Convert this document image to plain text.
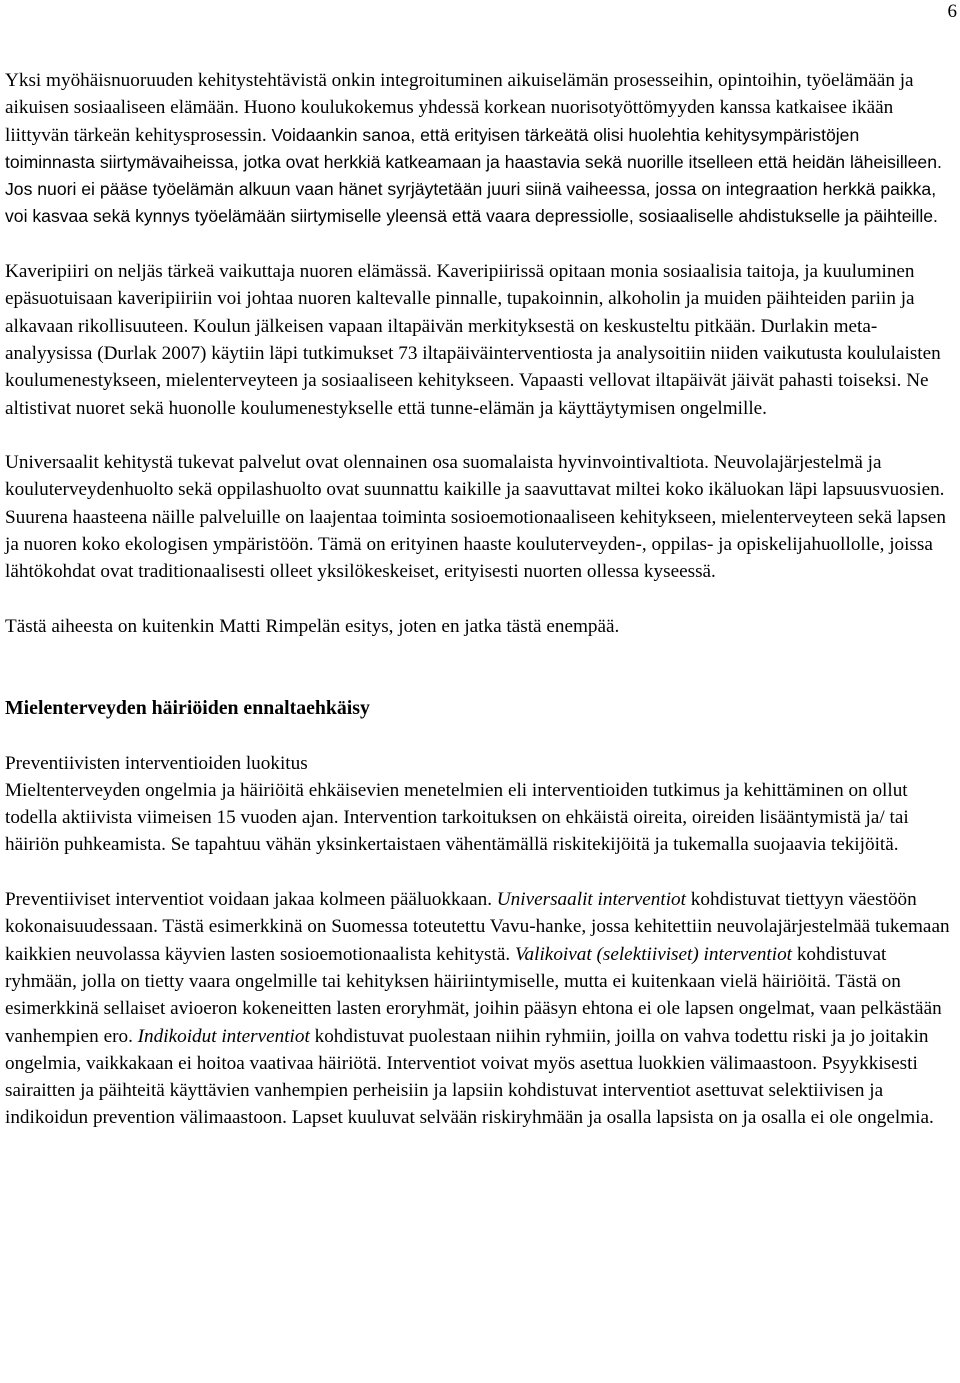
6

Yksi myöhäisnuoruuden kehitystehtävistä onkin integroituminen aikuiselämän prosesseihin, opintoihin, työelämään ja aikuisen sosiaaliseen elämään. Huono koulukokemus yhdessä korkean nuorisotyöttömyyden kanssa katkaisee ikään liittyvän tärkeän kehitysprosessin. Voidaankin sanoa, että erityisen tärkeätä olisi huolehtia kehitysympäristöjen toiminnasta siirtymävaiheissa, jotka ovat herkkiä katkeamaan ja haastavia sekä nuorille itselleen että heidän läheisilleen. Jos nuori ei pääse työelämän alkuun vaan hänet syrjäytetään juuri siinä vaiheessa, jossa on integraation herkkä paikka, voi kasvaa sekä kynnys työelämään siirtymiselle yleensä että vaara depressiolle, sosiaaliselle ahdistukselle ja päihteille.

Kaveripiiri on neljäs tärkeä vaikuttaja nuoren elämässä. Kaveripiirissä opitaan monia sosiaalisia taitoja, ja kuuluminen epäsuotuisaan kaveripiiriin voi johtaa nuoren kaltevalle pinnalle, tupakoinnin, alkoholin ja muiden päihteiden pariin ja alkavaan rikollisuuteen. Koulun jälkeisen vapaan iltapäivän merkityksestä on keskusteltu pitkään. Durlakin meta-analyysissa (Durlak 2007) käytiin läpi tutkimukset 73 iltapäiväinterventiosta ja analysoitiin niiden vaikutusta koululaisten koulumenestykseen, mielenterveyteen ja sosiaaliseen kehitykseen. Vapaasti vellovat iltapäivät jäivät pahasti toiseksi. Ne altistivat nuoret sekä huonolle koulumenestykselle että tunne-elämän ja käyttäytymisen ongelmille.

Universaalit kehitystä tukevat palvelut ovat olennainen osa suomalaista hyvinvointivaltiota. Neuvolajärjestelmä ja kouluterveydenhuolto sekä oppilashuolto ovat suunnattu kaikille ja saavuttavat miltei koko ikäluokan läpi lapsuusvuosien. Suurena haasteena näille palveluille on laajentaa toiminta sosioemotionaaliseen kehitykseen, mielenterveyteen sekä lapsen ja nuoren koko ekologisen ympäristöön. Tämä on erityinen haaste kouluterveyden-, oppilas- ja opiskelijahuollolle, joissa lähtökohdat ovat traditionaalisesti olleet yksilökeskeiset, erityisesti nuorten ollessa kyseessä.

Tästä aiheesta on kuitenkin Matti Rimpelän esitys, joten en jatka tästä enempää.

Mielenterveyden häiriöiden ennaltaehkäisy

Preventiivisten interventioiden luokitus

Mieltenterveyden ongelmia ja häiriöitä ehkäisevien menetelmien eli interventioiden tutkimus ja kehittäminen on ollut todella aktiivista viimeisen 15 vuoden ajan. Intervention tarkoituksen on ehkäistä oireita, oireiden lisääntymistä ja/ tai häiriön puhkeamista. Se tapahtuu vähän yksinkertaistaen vähentämällä riskitekijöitä ja tukemalla suojaavia tekijöitä.

Preventiiviset interventiot voidaan jakaa kolmeen pääluokkaan. Universaalit interventiot kohdistuvat tiettyyn väestöön kokonaisuudessaan. Tästä esimerkkinä on Suomessa toteutettu Vavu-hanke, jossa kehitettiin neuvolajärjestelmää tukemaan kaikkien neuvolassa käyvien lasten sosioemotionaalista kehitystä. Valikoivat (selektiiviset) interventiot kohdistuvat ryhmään, jolla on tietty vaara ongelmille tai kehityksen häiriintymiselle, mutta ei kuitenkaan vielä häiriöitä. Tästä on esimerkkinä sellaiset avioeron kokeneitten lasten eroryhmät, joihin pääsyn ehtona ei ole lapsen ongelmat, vaan pelkästään vanhempien ero. Indikoidut interventiot kohdistuvat puolestaan niihin ryhmiin, joilla on vahva todettu riski ja jo joitakin ongelmia, vaikkakaan ei hoitoa vaativaa häiriötä. Interventiot voivat myös asettua luokkien välimaastoon. Psyykkisesti sairaitten ja päihteitä käyttävien vanhempien perheisiin ja lapsiin kohdistuvat interventiot asettuvat selektiivisen ja indikoidun prevention välimaastoon. Lapset kuuluvat selvään riskiryhmään ja osalla lapsista on ja osalla ei ole ongelmia.
